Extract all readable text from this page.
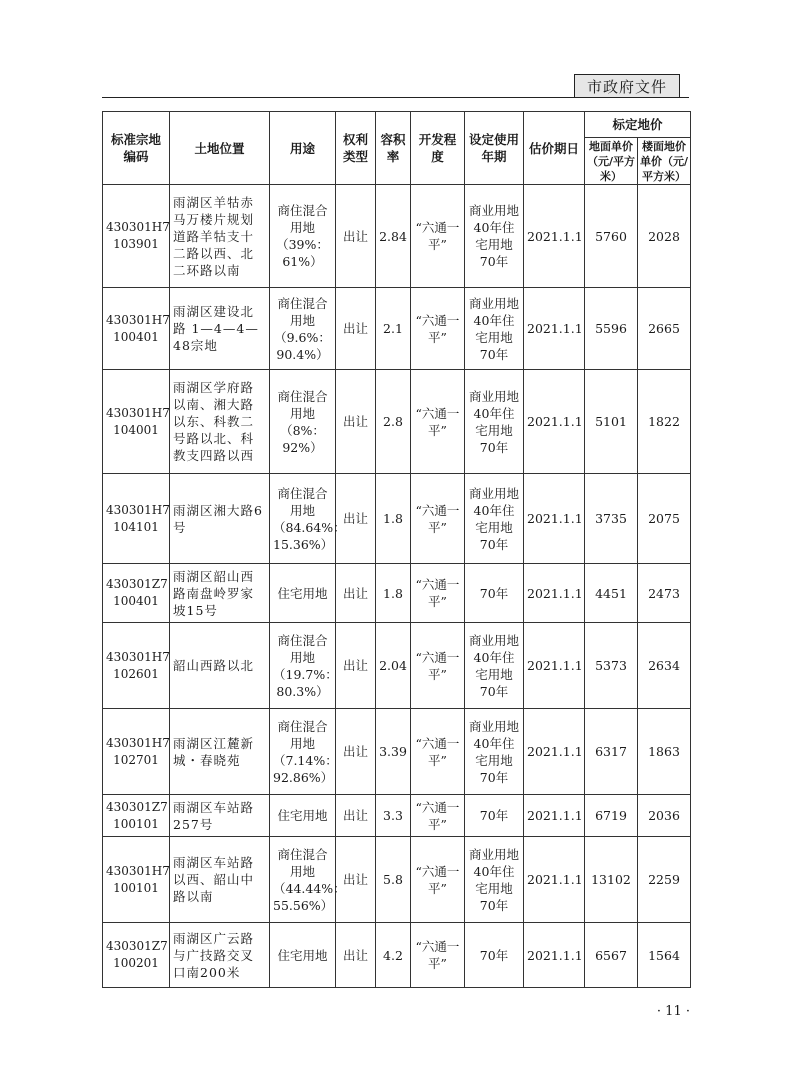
市政府文件
标准宗地编码	土地位置	用途	权利类型	容积率	开发程度	设定使用年期	估价期日	标定地价	
								地面单价（元/平方米）	楼面地价单价（元/平方米）
430301H7 103901	雨湖区羊牯赤马万楼片规划道路羊牯支十二路以西、北二环路以南	商住混合用地（39%：61%）	出让	2.84	“六通一平”	商业用地40年住宅用地70年	2021.1.1	5760	2028
430301H7 100401	雨湖区建设北路 1—4—4—48宗地	商住混合用地（9.6%：90.4%）	出让	2.1	“六通一平”	商业用地40年住宅用地70年	2021.1.1	5596	2665
430301H7 104001	雨湖区学府路以南、湘大路以东、科教二号路以北、科教支四路以西	商住混合用地（8%：92%）	出让	2.8	“六通一平”	商业用地40年住宅用地70年	2021.1.1	5101	1822
430301H7 104101	雨湖区湘大路6号	商住混合用地（84.64%：15.36%）	出让	1.8	“六通一平”	商业用地40年住宅用地70年	2021.1.1	3735	2075
430301Z7 100401	雨湖区韶山西路南盘岭罗家坡15号	住宅用地	出让	1.8	“六通一平”	70年	2021.1.1	4451	2473
430301H7 102601	韶山西路以北	商住混合用地（19.7%：80.3%）	出让	2.04	“六通一平”	商业用地40年住宅用地70年	2021.1.1	5373	2634
430301H7 102701	雨湖区江麓新城・春晓苑	商住混合用地（7.14%：92.86%）	出让	3.39	“六通一平”	商业用地40年住宅用地70年	2021.1.1	6317	1863
430301Z7 100101	雨湖区车站路257号	住宅用地	出让	3.3	“六通一平”	70年	2021.1.1	6719	2036
430301H7 100101	雨湖区车站路以西、韶山中路以南	商住混合用地（44.44%：55.56%）	出让	5.8	“六通一平”	商业用地40年住宅用地70年	2021.1.1	13102	2259
430301Z7 100201	雨湖区广云路与广技路交叉口南200米	住宅用地	出让	4.2	“六通一平”	70年	2021.1.1	6567	1564
· 11 ·
